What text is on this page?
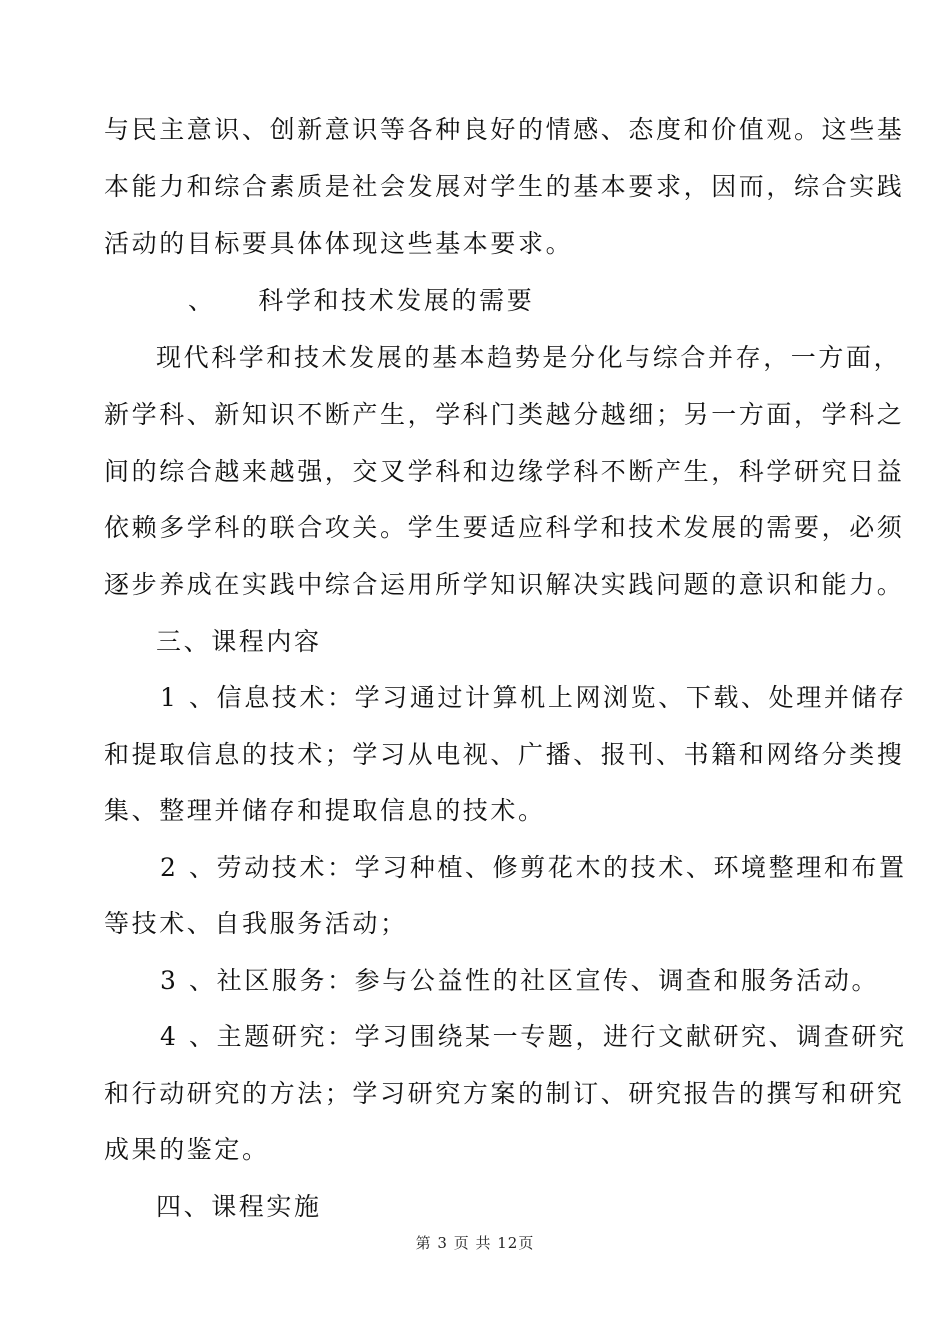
与民主意识、创新意识等各种良好的情感、态度和价值观。这些基
本能力和综合素质是社会发展对学生的基本要求，因而，综合实践
活动的目标要具体体现这些基本要求。
、　　科学和技术发展的需要
现代科学和技术发展的基本趋势是分化与综合并存，一方面，
新学科、新知识不断产生，学科门类越分越细；另一方面，学科之
间的综合越来越强，交叉学科和边缘学科不断产生，科学研究日益
依赖多学科的联合攻关。学生要适应科学和技术发展的需要，必须
逐步养成在实践中综合运用所学知识解决实践问题的意识和能力。
三、课程内容
1 、信息技术：学习通过计算机上网浏览、下载、处理并储存
和提取信息的技术；学习从电视、广播、报刊、书籍和网络分类搜
集、整理并储存和提取信息的技术。
2 、劳动技术：学习种植、修剪花木的技术、环境整理和布置
等技术、自我服务活动；
3 、社区服务：参与公益性的社区宣传、调查和服务活动。
4 、主题研究：学习围绕某一专题，进行文献研究、调查研究
和行动研究的方法；学习研究方案的制订、研究报告的撰写和研究
成果的鉴定。
四、课程实施
第 3 页 共 12页
